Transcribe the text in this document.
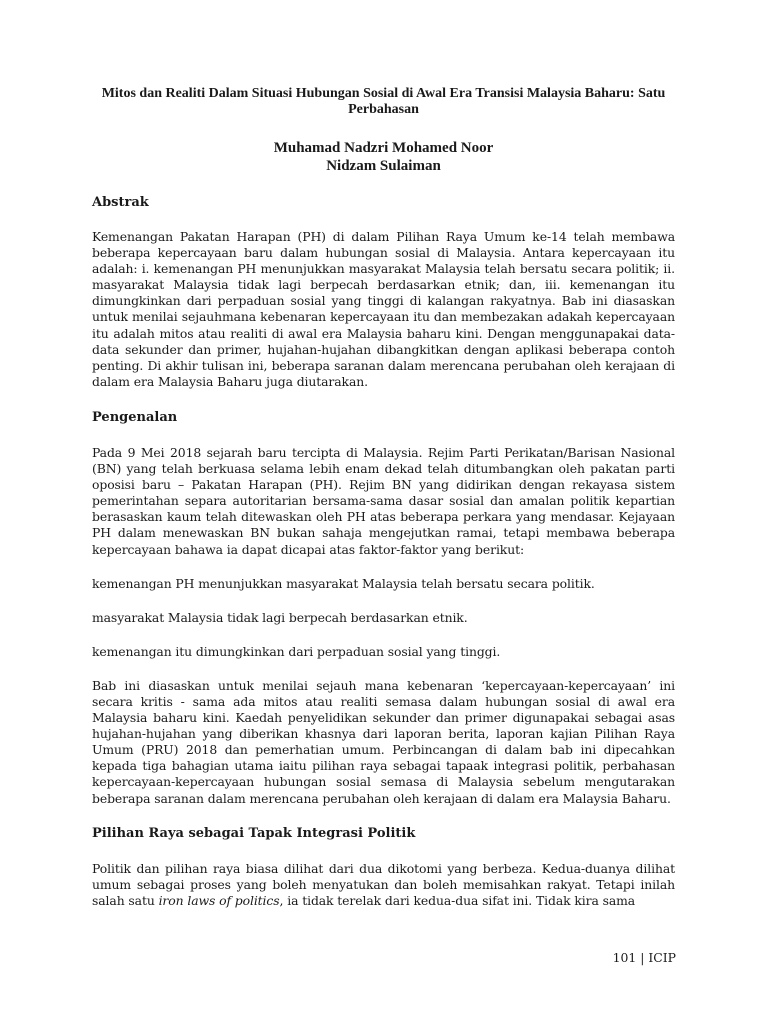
Mitos dan Realiti Dalam Situasi Hubungan Sosial di Awal Era Transisi Malaysia Baharu: Satu Perbahasan
Muhamad Nadzri Mohamed Noor
Nidzam Sulaiman
Abstrak

Kemenangan Pakatan Harapan (PH) di dalam Pilihan Raya Umum ke-14 telah membawa beberapa kepercayaan baru dalam hubungan sosial di Malaysia. Antara kepercayaan itu adalah: i. kemenangan PH menunjukkan masyarakat Malaysia telah bersatu secara politik; ii. masyarakat Malaysia tidak lagi berpecah berdasarkan etnik; dan, iii. kemenangan itu dimungkinkan dari perpaduan sosial yang tinggi di kalangan rakyatnya. Bab ini diasaskan untuk menilai sejauhmana kebenaran kepercayaan itu dan membezakan adakah kepercayaan itu adalah mitos atau realiti di awal era Malaysia baharu kini. Dengan menggunapakai data-data sekunder dan primer, hujahan-hujahan dibangkitkan dengan aplikasi beberapa contoh penting. Di akhir tulisan ini, beberapa saranan dalam merencana perubahan oleh kerajaan di dalam era Malaysia Baharu juga diutarakan.

Pengenalan

Pada 9 Mei 2018 sejarah baru tercipta di Malaysia. Rejim Parti Perikatan/Barisan Nasional (BN) yang telah berkuasa selama lebih enam dekad telah ditumbangkan oleh pakatan parti oposisi baru – Pakatan Harapan (PH). Rejim BN yang didirikan dengan rekayasa sistem pemerintahan separa autoritarian bersama-sama dasar sosial dan amalan politik kepartian berasaskan kaum telah ditewaskan oleh PH atas beberapa perkara yang mendasar. Kejayaan PH dalam menewaskan BN bukan sahaja mengejutkan ramai, tetapi membawa beberapa kepercayaan bahawa ia dapat dicapai atas faktor-faktor yang berikut:

kemenangan PH menunjukkan masyarakat Malaysia telah bersatu secara politik.

masyarakat Malaysia tidak lagi berpecah berdasarkan etnik.

kemenangan itu dimungkinkan dari perpaduan sosial yang tinggi.

Bab ini diasaskan untuk menilai sejauh mana kebenaran ‘kepercayaan-kepercayaan’ ini secara kritis - sama ada mitos atau realiti semasa dalam hubungan sosial di awal era Malaysia baharu kini. Kaedah penyelidikan sekunder dan primer digunapakai sebagai asas hujahan-hujahan yang diberikan khasnya dari laporan berita, laporan kajian Pilihan Raya Umum (PRU) 2018 dan pemerhatian umum. Perbincangan di dalam bab ini dipecahkan kepada tiga bahagian utama iaitu pilihan raya sebagai tapaak integrasi politik, perbahasan kepercayaan-kepercayaan hubungan sosial semasa di Malaysia sebelum mengutarakan beberapa saranan dalam merencana perubahan oleh kerajaan di dalam era Malaysia Baharu.

Pilihan Raya sebagai Tapak Integrasi Politik

Politik dan pilihan raya biasa dilihat dari dua dikotomi yang berbeza. Kedua-duanya dilihat umum sebagai proses yang boleh menyatukan dan boleh memisahkan rakyat. Tetapi inilah salah satu iron laws of politics, ia tidak terelak dari kedua-dua sifat ini. Tidak kira sama

101 | ICIP
